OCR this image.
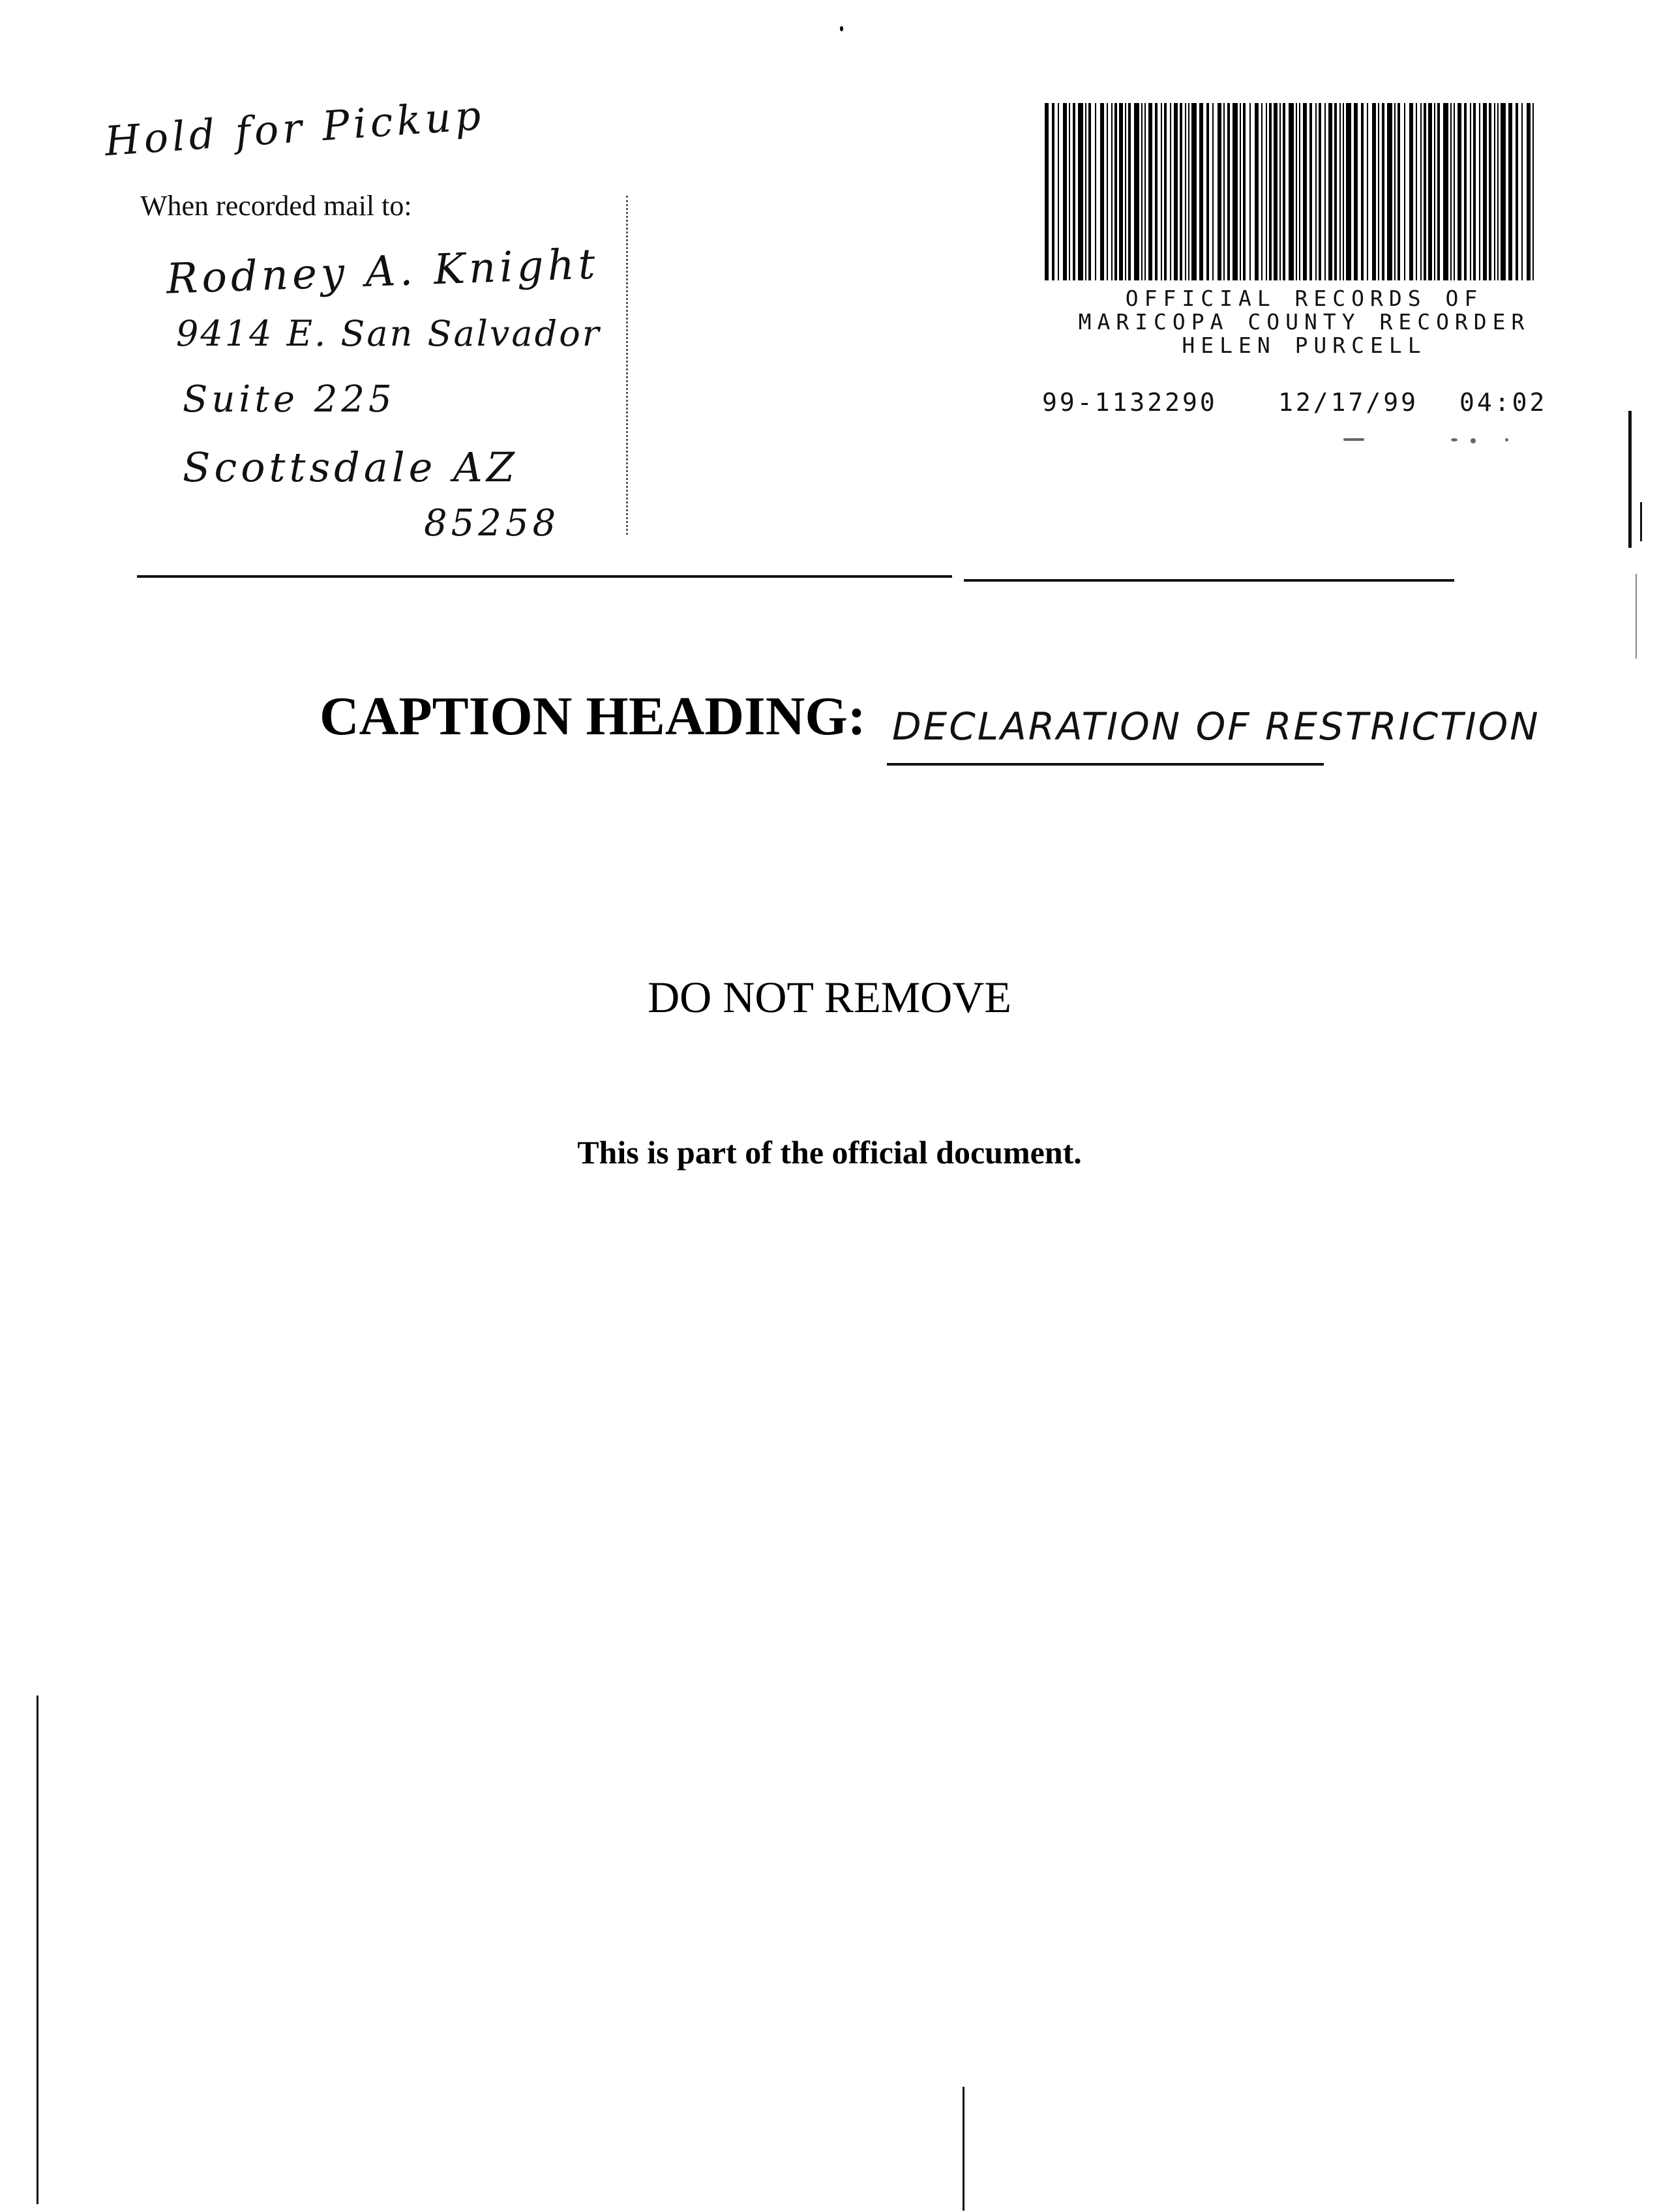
Hold for Pickup
When recorded mail to:
Rodney A. Knight
9414 E. San Salvador
Suite 225
Scottsdale AZ
85258
OFFICIAL RECORDS OF
MARICOPA COUNTY RECORDER
HELEN PURCELL
99-1132290 12/17/99 04:02
CAPTION HEADING: DECLARATION OF RESTRICTION
DO NOT REMOVE
This is part of the official document.
